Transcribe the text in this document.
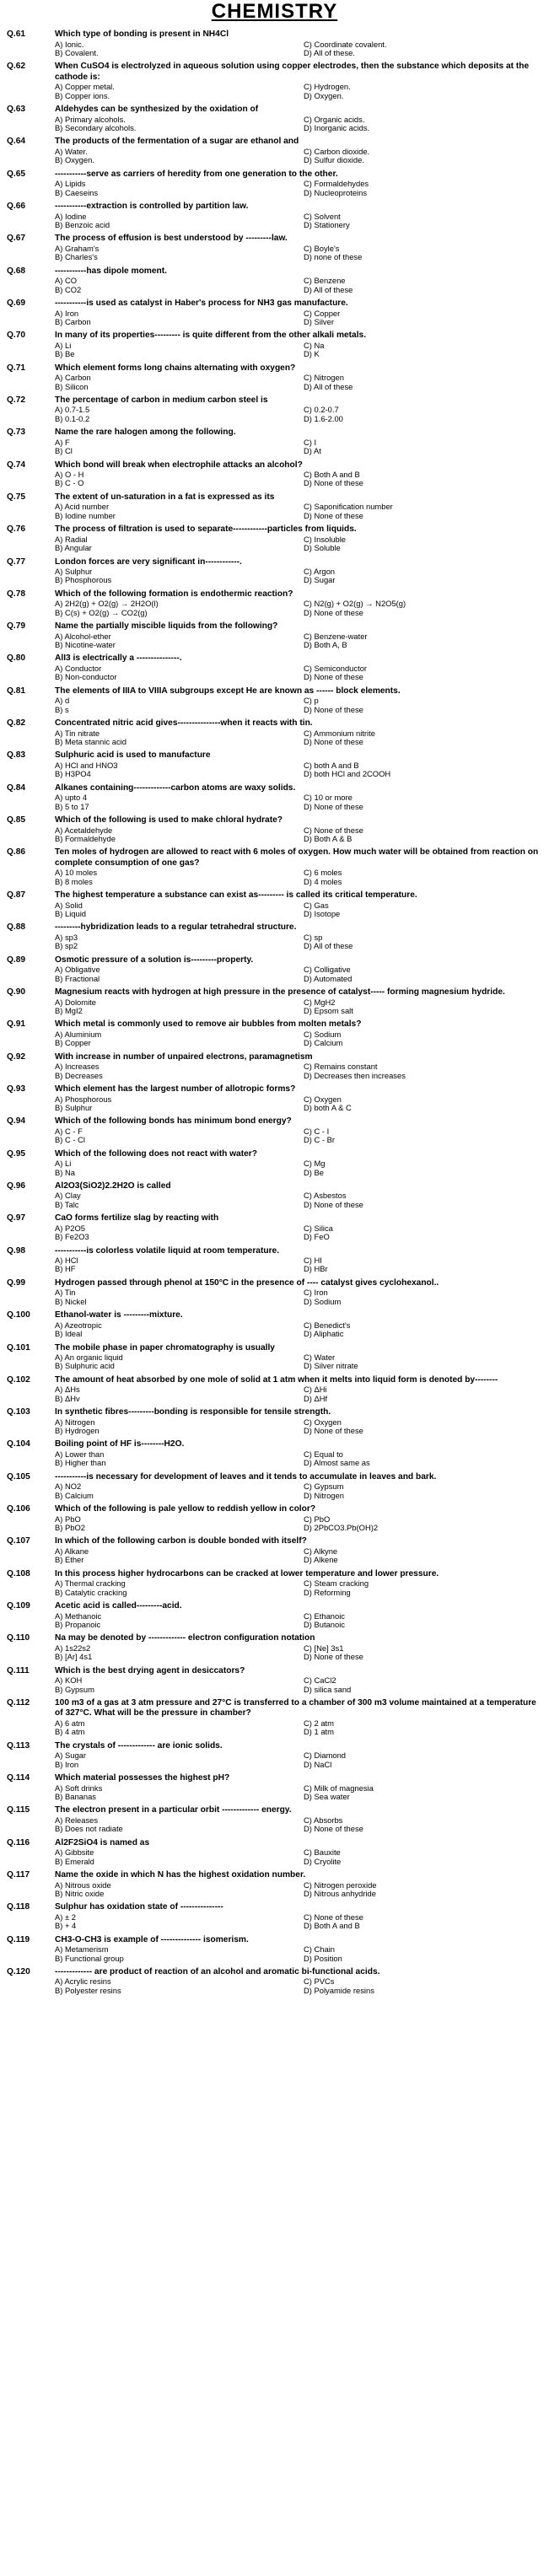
CHEMISTRY
Q.61	Which type of bonding is present in NH4Cl
A) Ionic.	C) Coordinate covalent.
B) Covalent.	D) All of these.
Q.62	When CuSO4 is electrolyzed in aqueous solution using copper electrodes, then the substance which deposits at the cathode is:
A) Copper metal.	C) Hydrogen.
B) Copper ions.	D) Oxygen.
Q.63	Aldehydes can be synthesized by the oxidation of
A) Primary alcohols.	C) Organic acids.
B) Secondary alcohols.	D) Inorganic acids.
Q.64	The products of the fermentation of a sugar are ethanol and
A) Water.	C) Carbon dioxide.
B) Oxygen.	D) Sulfur dioxide.
Q.65	-----------serve as carriers of heredity from one generation to the other.
A) Lipids	C) Formaldehydes
B) Caeseins	D) Nucleoproteins
Q.66	-----------extraction is controlled by partition law.
A) Iodine	C) Solvent
B) Benzoic acid	D) Stationery
Q.67	The process of effusion is best understood by ---------law.
A) Graham's	C) Boyle's
B) Charles's	D) none of these
Q.68	-----------has dipole moment.
A) CO	C) Benzene
B) CO2	D) All of these
Q.69	-----------is used as catalyst in Haber's process for NH3 gas manufacture.
A) Iron	C) Copper
B) Carbon	D) Silver
Q.70	In many of its properties--------- is quite different from the other alkali metals.
A) Li	C) Na
B) Be	D) K
Q.71	Which element forms long chains alternating with oxygen?
A) Carbon	C) Nitrogen
B) Silicon	D) All of these
Q.72	The percentage of carbon in medium carbon steel is
A) 0.7-1.5	C) 0.2-0.7
B) 0.1-0.2	D) 1.6-2.00
Q.73	Name the rare halogen among the following.
A) F	C) I
B) Cl	D) At
Q.74	Which bond will break when electrophile attacks an alcohol?
A) O - H	C) Both A and B
B) C - O	D) None of these
Q.75	The extent of un-saturation in a fat is expressed as its
A) Acid number	C) Saponification number
B) Iodine number	D) None of these
Q.76	The process of filtration is used to separate------------particles from liquids.
A) Radial	C) Insoluble
B) Angular	D) Soluble
Q.77	London forces are very significant in------------.
A) Sulphur	C) Argon
B) Phosphorous	D) Sugar
Q.78	Which of the following formation is endothermic reaction?
A) 2H2(g) + O2(g) → 2H2O(l)	C) N2(g) + O2(g) → N2O5(g)
B) C(s) + O2(g) → CO2(g)	D) None of these
Q.79	Name the partially miscible liquids from the following?
A) Alcohol-ether	C) Benzene-water
B) Nicotine-water	D) Both A, B
Q.80	AlI3 is electrically a ---------------.
A) Conductor	C) Semiconductor
B) Non-conductor	D) None of these
Q.81	The elements of IIIA to VIIIA subgroups except He are known as ------ block elements.
A) d	C) p
B) s	D) None of these
Q.82	Concentrated nitric acid gives---------------when it reacts with tin.
A) Tin nitrate	C) Ammonium nitrite
B) Meta stannic acid	D) None of these
Q.83	Sulphuric acid is used to manufacture
A) HCl and HNO3	C) both A and B
B) H3PO4	D) both HCl and 2COOH
Q.84	Alkanes containing-------------carbon atoms are waxy solids.
A) upto 4	C) 10 or more
B) 5 to 17	D) None of these
Q.85	Which of the following is used to make chloral hydrate?
A) Acetaldehyde	C) None of these
B) Formaldehyde	D) Both A & B
Q.86	Ten moles of hydrogen are allowed to react with 6 moles of oxygen. How much water will be obtained from reaction on complete consumption of one gas?
A) 10 moles	C) 6 moles
B) 8 moles	D) 4 moles
Q.87	The highest temperature a substance can exist as--------- is called its critical temperature.
A) Solid	C) Gas
B) Liquid	D) Isotope
Q.88	---------hybridization leads to a regular tetrahedral structure.
A) sp3	C) sp
B) sp2	D) All of these
Q.89	Osmotic pressure of a solution is---------property.
A) Obligative	C) Colligative
B) Fractional	D) Automated
Q.90	Magnesium reacts with hydrogen at high pressure in the presence of catalyst----- forming magnesium hydride.
A) Dolomite	C) MgH2
B) MgI2	D) Epsom salt
Q.91	Which metal is commonly used to remove air bubbles from molten metals?
A) Aluminium	C) Sodium
B) Copper	D) Calcium
Q.92	With increase in number of unpaired electrons, paramagnetism
A) Increases	C) Remains constant
B) Decreases	D) Decreases then increases
Q.93	Which element has the largest number of allotropic forms?
A) Phosphorous	C) Oxygen
B) Sulphur	D) both A & C
Q.94	Which of the following bonds has minimum bond energy?
A) C - F	C) C - I
B) C - Cl	D) C - Br
Q.95	Which of the following does not react with water?
A) Li	C) Mg
B) Na	D) Be
Q.96	Al2O3(SiO2)2.2H2O is called
A) Clay	C) Asbestos
B) Talc	D) None of these
Q.97	CaO forms fertilize slag by reacting with
A) P2O5	C) Silica
B) Fe2O3	D) FeO
Q.98	-----------is colorless volatile liquid at room temperature.
A) HCl	C) HI
B) HF	D) HBr
Q.99	Hydrogen passed through phenol at 150°C in the presence of ---- catalyst gives cyclohexanol..
A) Tin	C) Iron
B) Nickel	D) Sodium
Q.100	Ethanol-water is ---------mixture.
A) Azeotropic	C) Benedict's
B) Ideal	D) Aliphatic
Q.101	The mobile phase in paper chromatography is usually
A) An organic liquid	C) Water
B) Sulphuric acid	D) Silver nitrate
Q.102	The amount of heat absorbed by one mole of solid at 1 atm when it melts into liquid form is denoted by--------
A) ΔHs	C) ΔHi
B) ΔHv	D) ΔHf
Q.103	In synthetic fibres---------bonding is responsible for tensile strength.
A) Nitrogen	C) Oxygen
B) Hydrogen	D) None of these
Q.104	Boiling point of HF is--------H2O.
A) Lower than	C) Equal to
B) Higher than	D) Almost same as
Q.105	-----------is necessary for development of leaves and it tends to accumulate in leaves and bark.
A) NO2	C) Gypsum
B) Calcium	D) Nitrogen
Q.106	Which of the following is pale yellow to reddish yellow in color?
A) PbO	C) PbO
B) PbO2	D) 2PbCO3.Pb(OH)2
Q.107	In which of the following carbon is double bonded with itself?
A) Alkane	C) Alkyne
B) Ether	D) Alkene
Q.108	In this process higher hydrocarbons can be cracked at lower temperature and lower pressure.
A) Thermal cracking	C) Steam cracking
B) Catalytic cracking	D) Reforming
Q.109	Acetic acid is called---------acid.
A) Methanoic	C) Ethanoic
B) Propanoic	D) Butanoic
Q.110	Na may be denoted by ------------- electron configuration notation
A) 1s22s2	C) [Ne] 3s1
B) [Ar] 4s1	D) None of these
Q.111	Which is the best drying agent in desiccators?
A) KOH	C) CaCl2
B) Gypsum	D) silica sand
Q.112	100 m3 of a gas at 3 atm pressure and 27°C is transferred to a chamber of 300 m3 volume maintained at a temperature of 327°C. What will be the pressure in chamber?
A) 6 atm	C) 2 atm
B) 4 atm	D) 1 atm
Q.113	The crystals of ------------- are ionic solids.
A) Sugar	C) Diamond
B) Iron	D) NaCl
Q.114	Which material possesses the highest pH?
A) Soft drinks	C) Milk of magnesia
B) Bananas	D) Sea water
Q.115	The electron present in a particular orbit ------------- energy.
A) Releases	C) Absorbs
B) Does not radiate	D) None of these
Q.116	Al2F2SiO4 is named as
A) Gibbsite	C) Bauxite
B) Emerald	D) Cryolite
Q.117	Name the oxide in which N has the highest oxidation number.
A) Nitrous oxide	C) Nitrogen peroxide
B) Nitric oxide	D) Nitrous anhydride
Q.118	Sulphur has oxidation state of ---------------
A) ± 2	C) None of these
B) + 4	D) Both A and B
Q.119	CH3-O-CH3 is example of -------------- isomerism.
A) Metamerism	C) Chain
B) Functional group	D) Position
Q.120	------------- are product of reaction of an alcohol and aromatic bi-functional acids.
A) Acrylic resins	C) PVCs
B) Polyester resins	D) Polyamide resins
